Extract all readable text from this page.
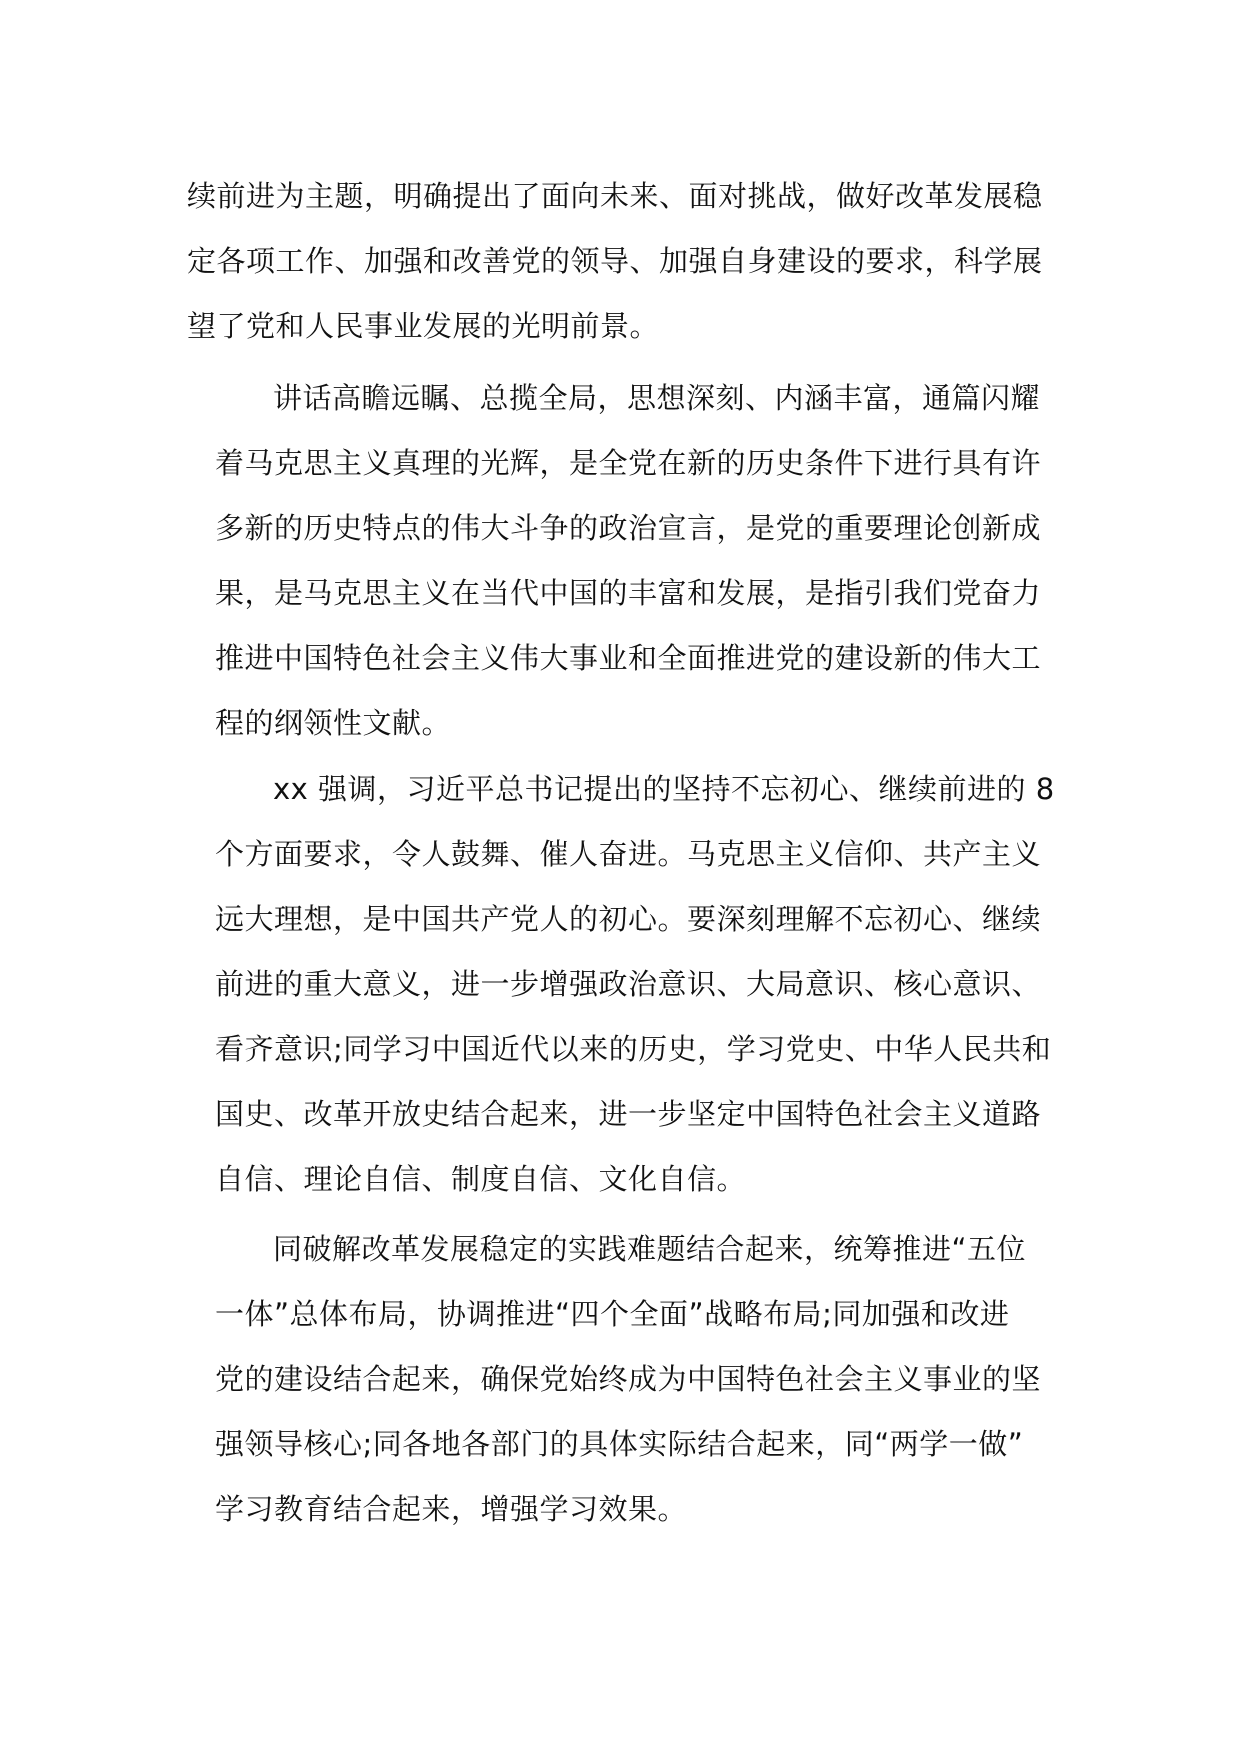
续前进为主题，明确提出了面向未来、面对挑战，做好改革发展稳
定各项工作、加强和改善党的领导、加强自身建设的要求，科学展
望了党和人民事业发展的光明前景。
讲话高瞻远瞩、总揽全局，思想深刻、内涵丰富，通篇闪耀
着马克思主义真理的光辉，是全党在新的历史条件下进行具有许
多新的历史特点的伟大斗争的政治宣言，是党的重要理论创新成
果，是马克思主义在当代中国的丰富和发展，是指引我们党奋力
推进中国特色社会主义伟大事业和全面推进党的建设新的伟大工
程的纲领性文献。
xx 强调，习近平总书记提出的坚持不忘初心、继续前进的 8
个方面要求，令人鼓舞、催人奋进。马克思主义信仰、共产主义
远大理想，是中国共产党人的初心。要深刻理解不忘初心、继续
前进的重大意义，进一步增强政治意识、大局意识、核心意识、
看齐意识;同学习中国近代以来的历史，学习党史、中华人民共和
国史、改革开放史结合起来，进一步坚定中国特色社会主义道路
自信、理论自信、制度自信、文化自信。
同破解改革发展稳定的实践难题结合起来，统筹推进“五位
一体”总体布局，协调推进“四个全面”战略布局;同加强和改进
党的建设结合起来，确保党始终成为中国特色社会主义事业的坚
强领导核心;同各地各部门的具体实际结合起来，同“两学一做”
学习教育结合起来，增强学习效果。
